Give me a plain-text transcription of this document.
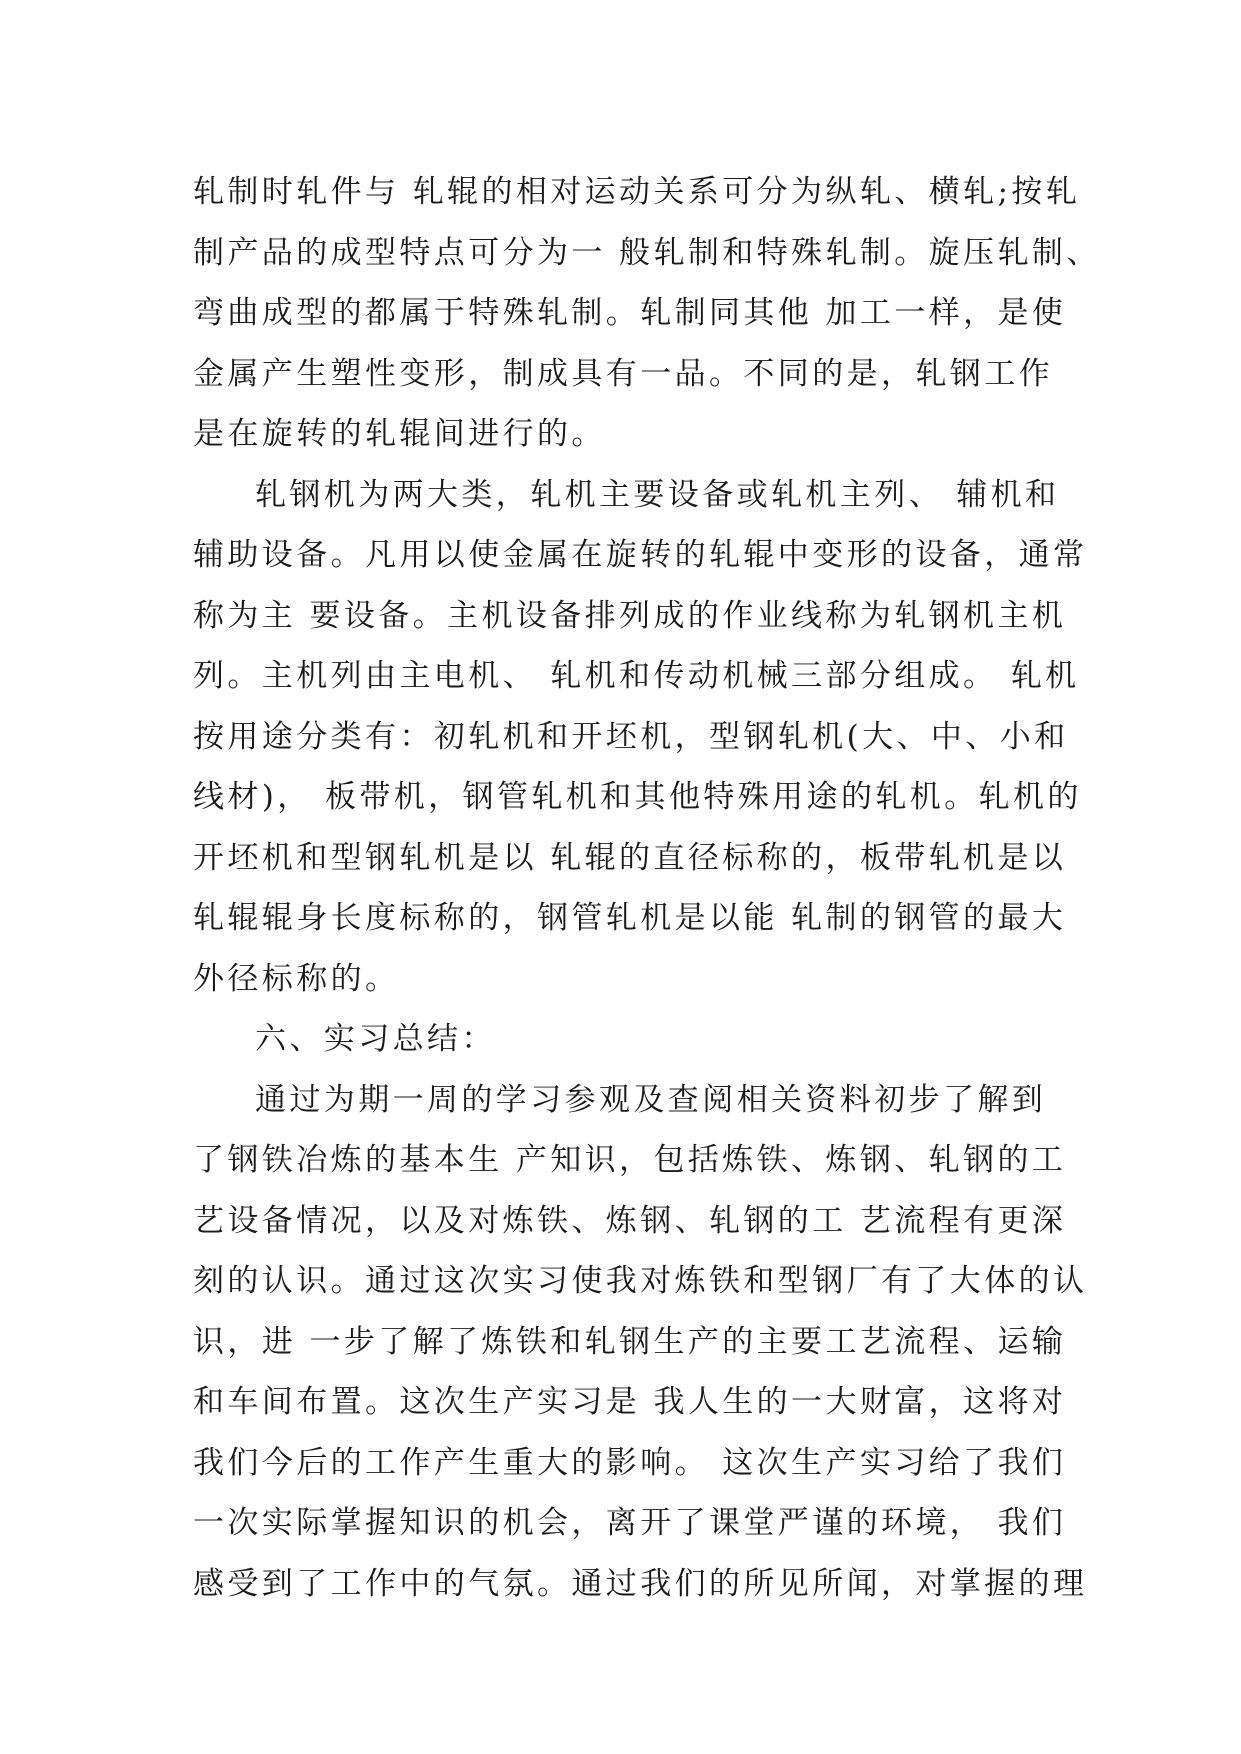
轧制时轧件与 轧辊的相对运动关系可分为纵轧、横轧;按轧
制产品的成型特点可分为一 般轧制和特殊轧制。旋压轧制、
弯曲成型的都属于特殊轧制。轧制同其他 加工一样，是使
金属产生塑性变形，制成具有一品。不同的是，轧钢工作
是在旋转的轧辊间进行的。
轧钢机为两大类，轧机主要设备或轧机主列、 辅机和
辅助设备。凡用以使金属在旋转的轧辊中变形的设备，通常
称为主 要设备。主机设备排列成的作业线称为轧钢机主机
列。主机列由主电机、 轧机和传动机械三部分组成。 轧机
按用途分类有：初轧机和开坯机，型钢轧机(大、中、小和
线材)， 板带机，钢管轧机和其他特殊用途的轧机。轧机的
开坯机和型钢轧机是以 轧辊的直径标称的，板带轧机是以
轧辊辊身长度标称的，钢管轧机是以能 轧制的钢管的最大
外径标称的。
六、实习总结：
通过为期一周的学习参观及查阅相关资料初步了解到
了钢铁冶炼的基本生 产知识，包括炼铁、炼钢、轧钢的工
艺设备情况，以及对炼铁、炼钢、轧钢的工 艺流程有更深
刻的认识。通过这次实习使我对炼铁和型钢厂有了大体的认
识，进 一步了解了炼铁和轧钢生产的主要工艺流程、运输
和车间布置。这次生产实习是 我人生的一大财富，这将对
我们今后的工作产生重大的影响。 这次生产实习给了我们
一次实际掌握知识的机会，离开了课堂严谨的环境， 我们
感受到了工作中的气氛。通过我们的所见所闻，对掌握的理
